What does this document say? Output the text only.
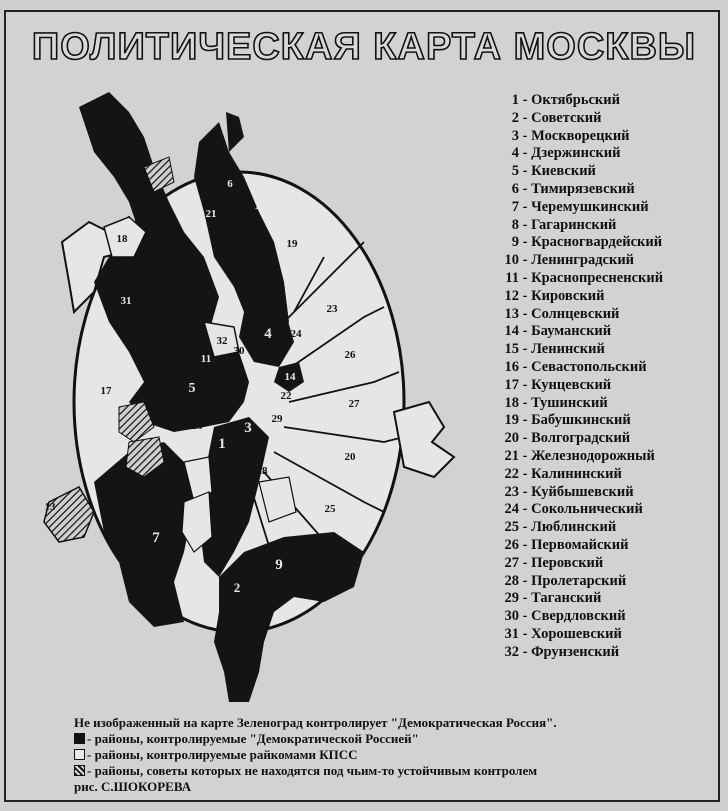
ПОЛИТИЧЕСКАЯ КАРТА МОСКВЫ
6
21
12
19
18
31
32 4
23
24
26
30
11
17	5
14
22
27
29
15	3
1
20
28
16	25
13
7
9
2
1 - Октябрьский
2 - Советский
3 - Москворецкий
4 - Дзержинский
5 - Киевский
6 - Тимирязевский
7 - Черемушкинский
8 - Гагаринский
9 - Красногвардейский
10 - Ленинградский
11 - Краснопресненский
12 - Кировский
13 - Солнцевский
14 - Бауманский
15 - Ленинский
16 - Севастопольский
17 - Кунцевский
18 - Тушинский
19 - Бабушкинский
20 - Волгоградский
21 - Железнодорожный
22 - Калининский
23 - Куйбышевский
24 - Сокольнический
25 - Люблинский
26 - Первомайский
27 - Перовский
28 - Пролетарский
29 - Таганский
30 - Свердловский
31 - Хорошевский
32 - Фрунзенский
Не изображенный на карте Зеленоград контролирует "Демократическая Россия".
- районы, контролируемые "Демократической Россией"
- районы, контролируемые райкомами КПСС
- районы, советы которых не находятся под чьим-то устойчивым контролем
рис. С.ШОКОРЕВА
